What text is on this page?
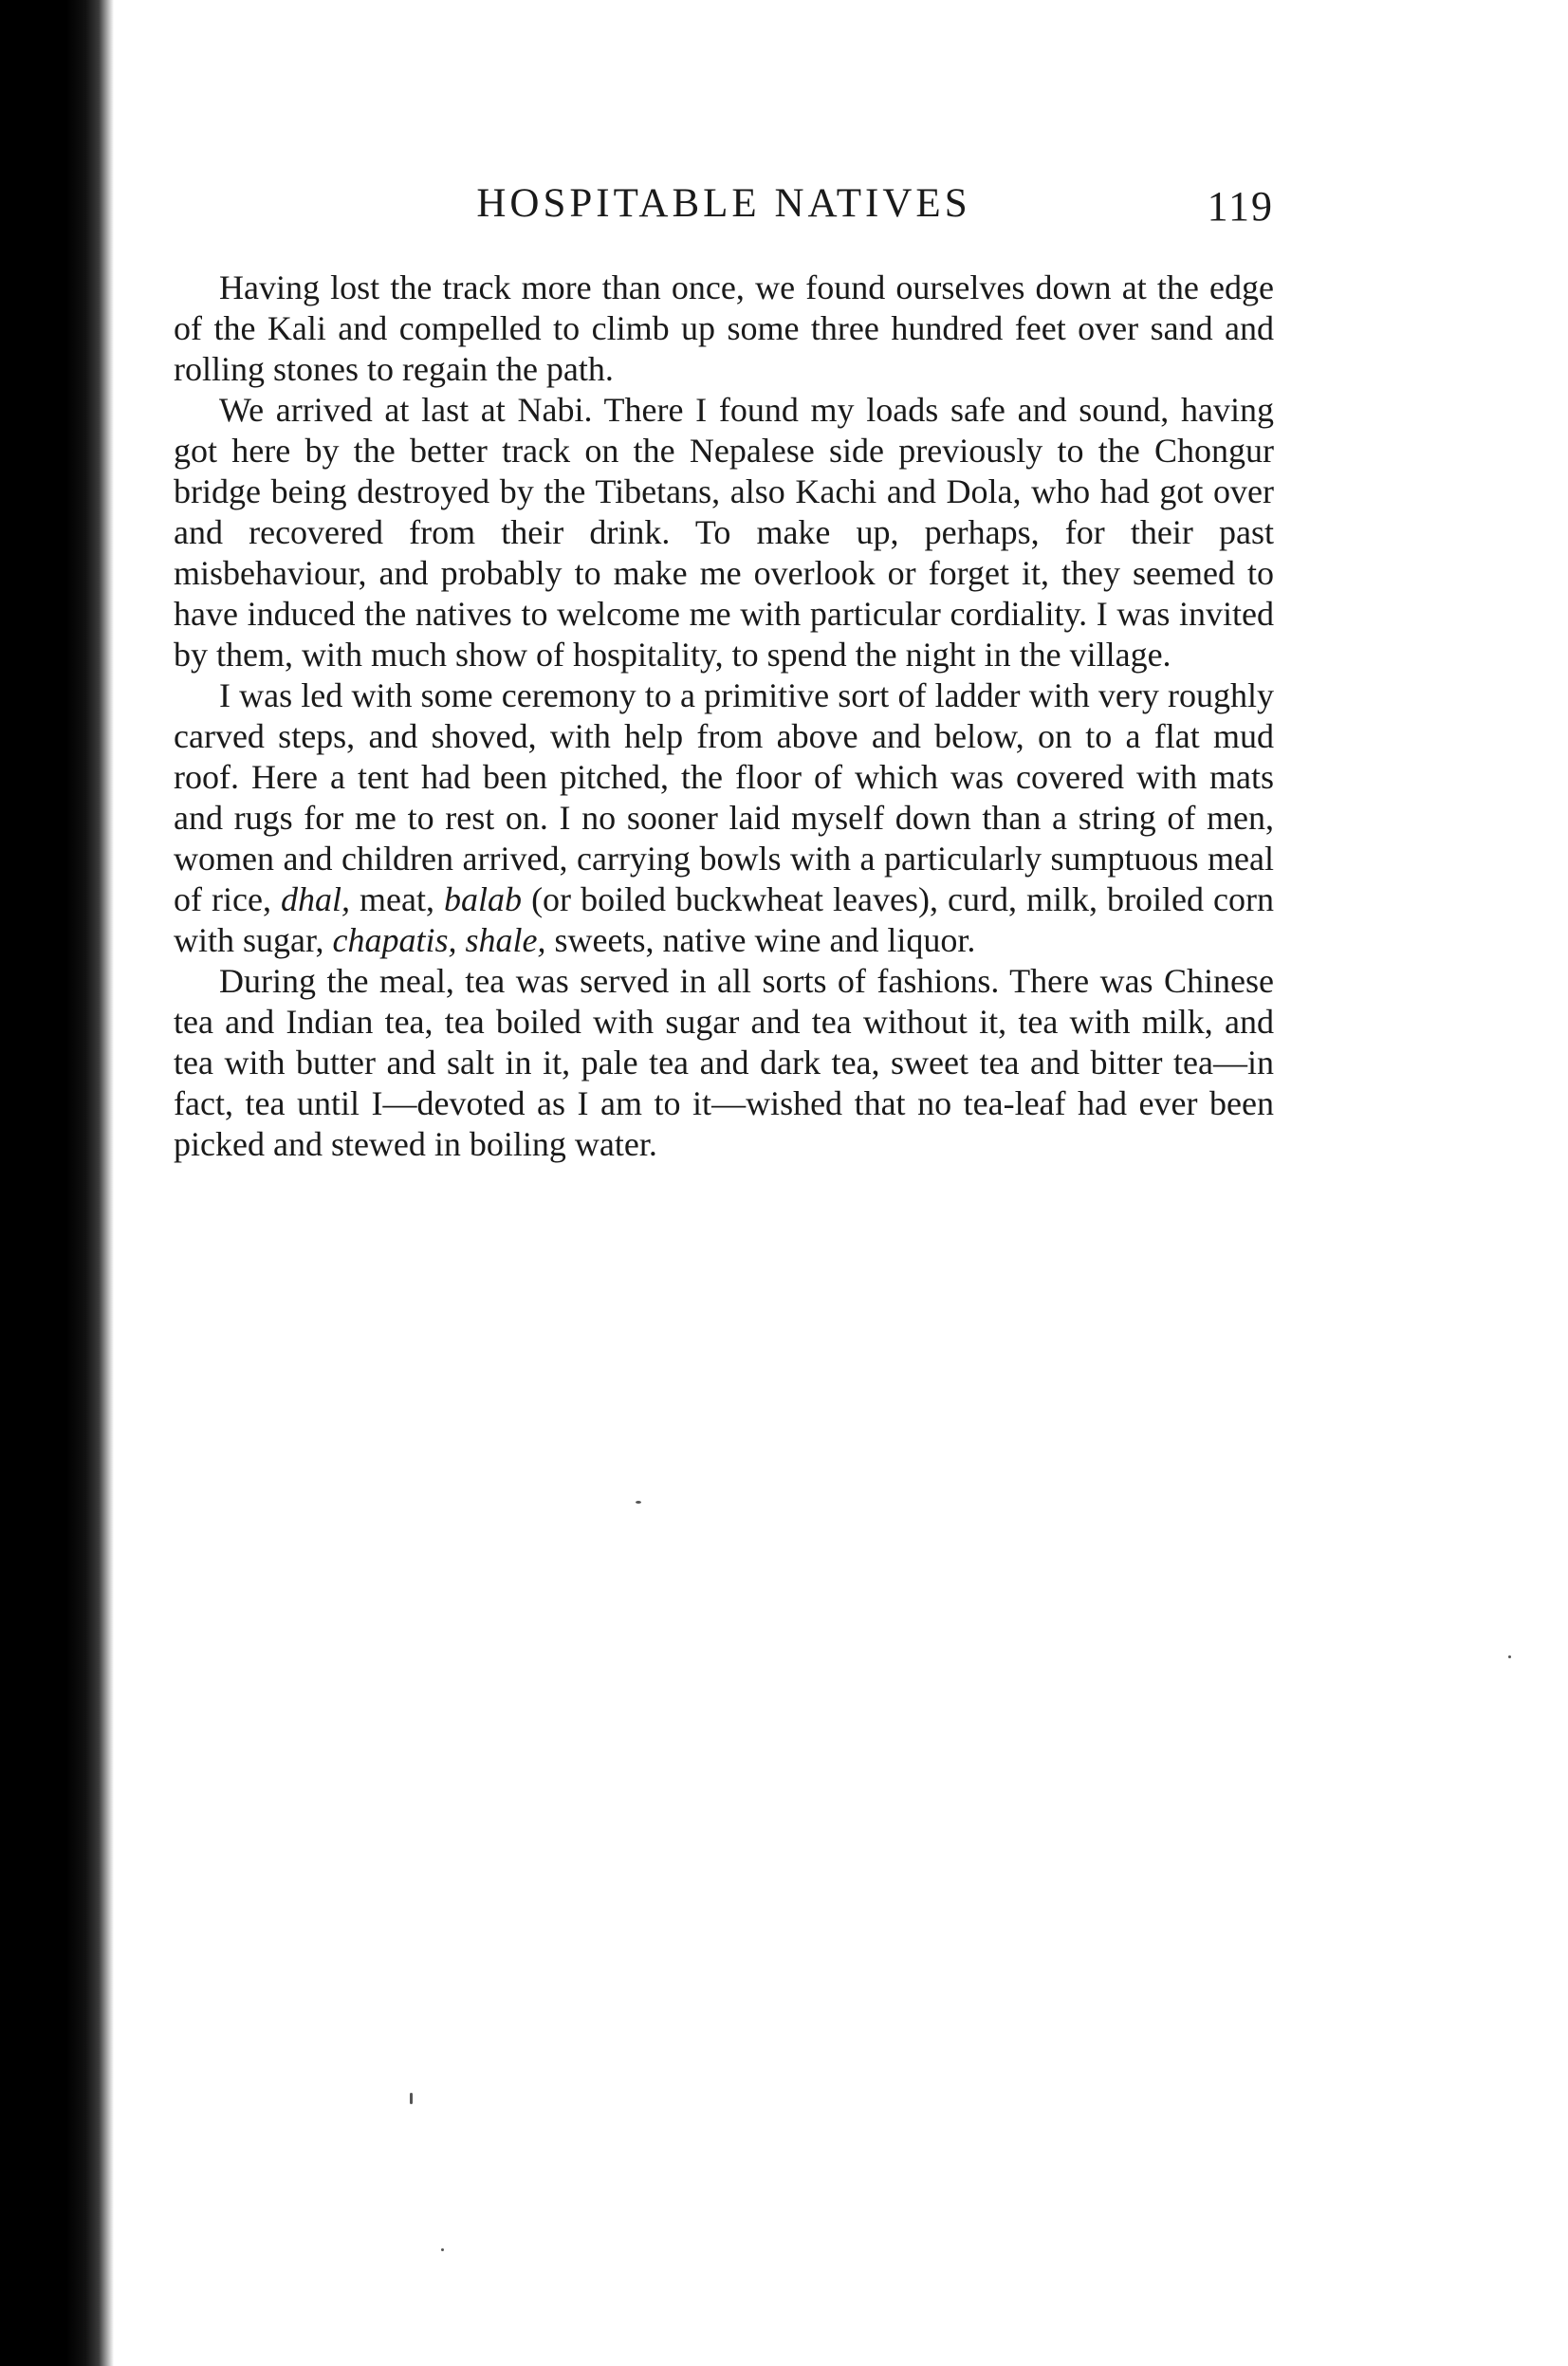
HOSPITABLE NATIVES	119

Having lost the track more than once, we found ourselves down at the edge of the Kali and compelled to climb up some three hundred feet over sand and rolling stones to regain the path.

We arrived at last at Nabi. There I found my loads safe and sound, having got here by the better track on the Nepalese side previously to the Chongur bridge being destroyed by the Tibetans, also Kachi and Dola, who had got over and recovered from their drink. To make up, perhaps, for their past misbehaviour, and probably to make me overlook or forget it, they seemed to have induced the natives to welcome me with particular cordiality. I was invited by them, with much show of hospitality, to spend the night in the village.

I was led with some ceremony to a primitive sort of ladder with very roughly carved steps, and shoved, with help from above and below, on to a flat mud roof. Here a tent had been pitched, the floor of which was covered with mats and rugs for me to rest on. I no sooner laid myself down than a string of men, women and children arrived, carrying bowls with a particularly sumptuous meal of rice, dhal, meat, balab (or boiled buckwheat leaves), curd, milk, broiled corn with sugar, chapatis, shale, sweets, native wine and liquor.

During the meal, tea was served in all sorts of fashions. There was Chinese tea and Indian tea, tea boiled with sugar and tea without it, tea with milk, and tea with butter and salt in it, pale tea and dark tea, sweet tea and bitter tea—in fact, tea until I—devoted as I am to it—wished that no tea-leaf had ever been picked and stewed in boiling water.
